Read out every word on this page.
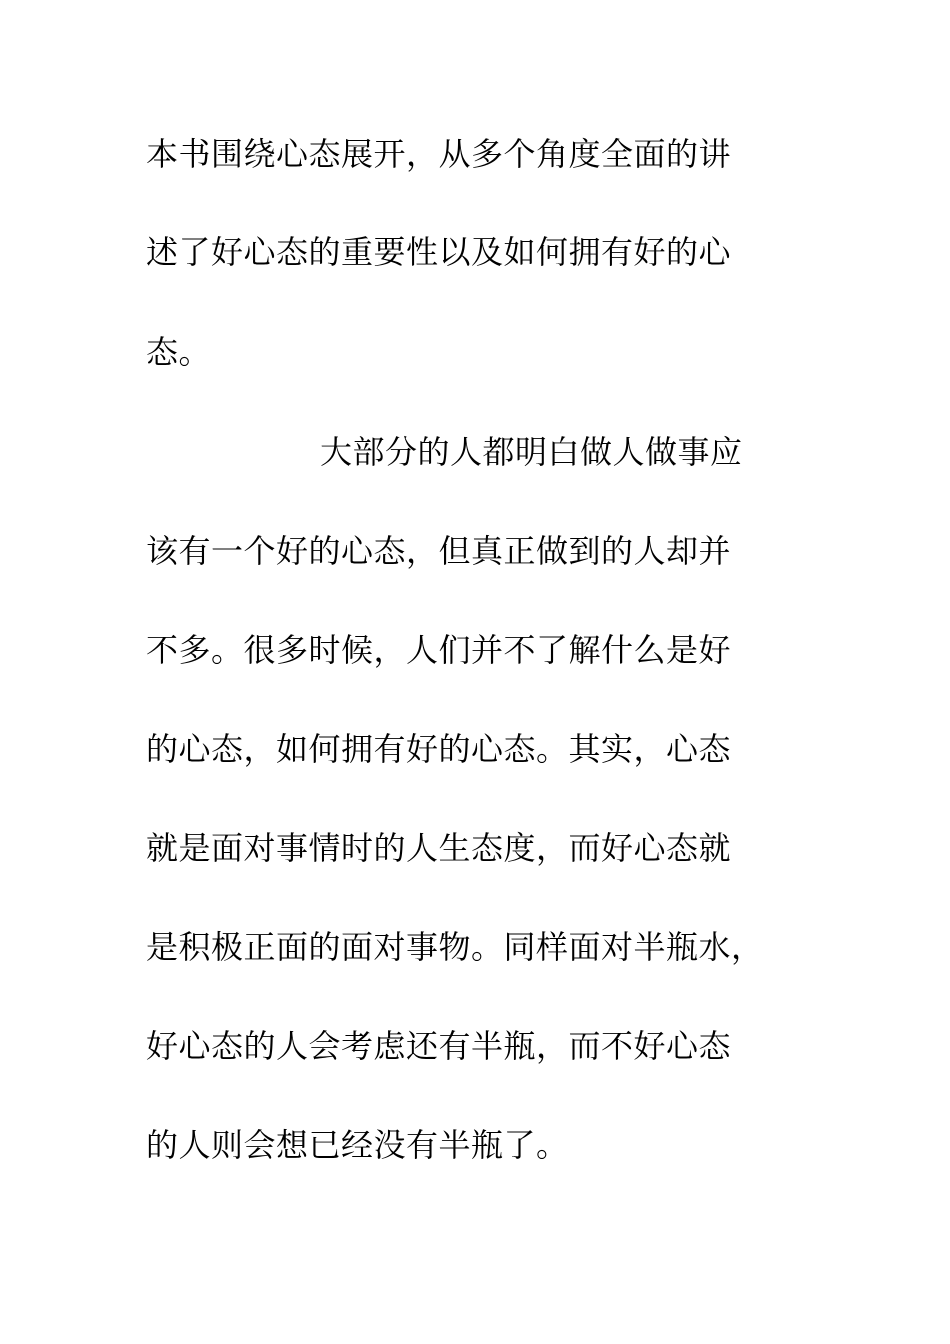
本书围绕心态展开，从多个角度全面的讲

述了好心态的重要性以及如何拥有好的心

态。

大部分的人都明白做人做事应

该有一个好的心态，但真正做到的人却并

不多。很多时候，人们并不了解什么是好

的心态，如何拥有好的心态。其实，心态

就是面对事情时的人生态度，而好心态就

是积极正面的面对事物。同样面对半瓶水，

好心态的人会考虑还有半瓶，而不好心态

的人则会想已经没有半瓶了。
